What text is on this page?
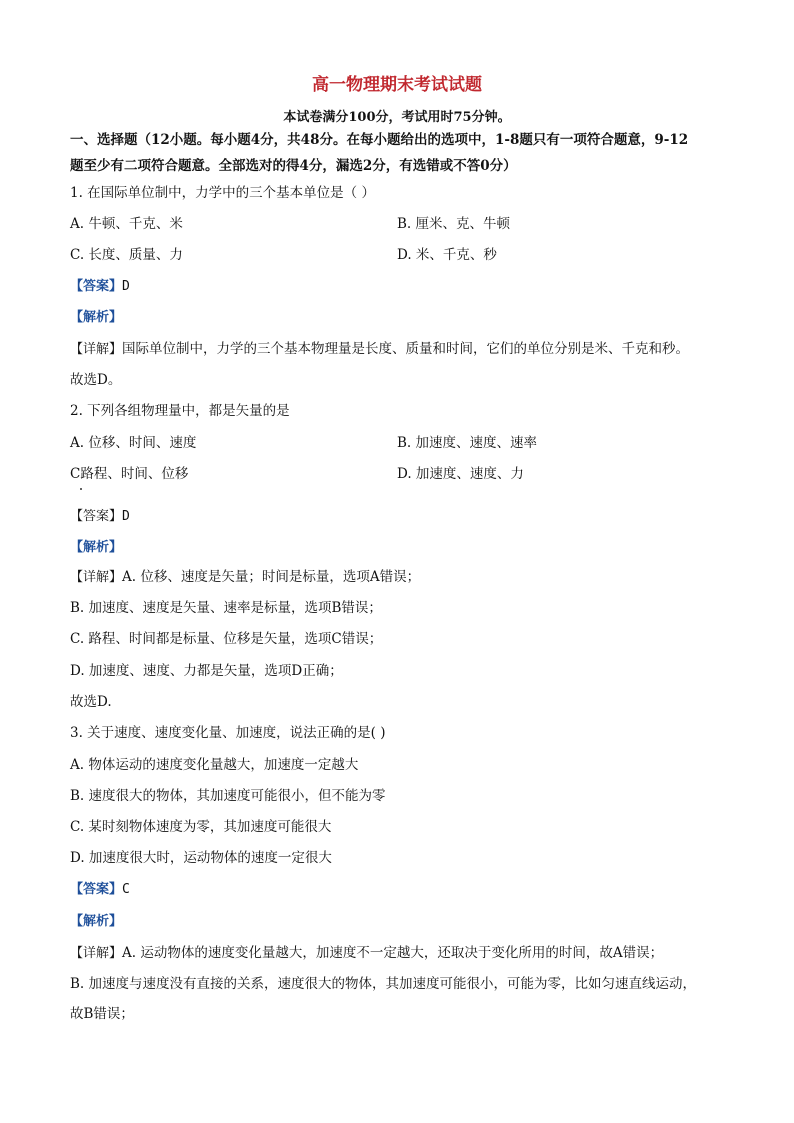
高一物理期末考试试题
本试卷满分100分，考试用时75分钟。
一、选择题（12小题。每小题4分，共48分。在每小题给出的选项中，1-8题只有一项符合题意，9-12
题至少有二项符合题意。全部选对的得4分，漏选2分，有选错或不答0分）
1. 在国际单位制中，力学中的三个基本单位是（ ）
A. 牛顿、千克、米	B. 厘米、克、牛顿
C. 长度、质量、力	D. 米、千克、秒
【答案】D
【解析】
【详解】国际单位制中，力学的三个基本物理量是长度、质量和时间，它们的单位分别是米、千克和秒。
故选D。
2. 下列各组物理量中，都是矢量的是
A. 位移、时间、速度	B. 加速度、速度、速率
C路程、时间、位移	D. 加速度、速度、力
【答案】D
【解析】
【详解】A. 位移、速度是矢量；时间是标量，选项A错误；
B. 加速度、速度是矢量、速率是标量，选项B错误；
C. 路程、时间都是标量、位移是矢量，选项C错误；
D. 加速度、速度、力都是矢量，选项D正确；
故选D.
3. 关于速度、速度变化量、加速度，说法正确的是( )
A. 物体运动的速度变化量越大，加速度一定越大
B. 速度很大的物体，其加速度可能很小，但不能为零
C. 某时刻物体速度为零，其加速度可能很大
D. 加速度很大时，运动物体的速度一定很大
【答案】C
【解析】
【详解】A. 运动物体的速度变化量越大，加速度不一定越大，还取决于变化所用的时间，故A错误；
B. 加速度与速度没有直接的关系，速度很大的物体，其加速度可能很小，可能为零，比如匀速直线运动，
故B错误；
